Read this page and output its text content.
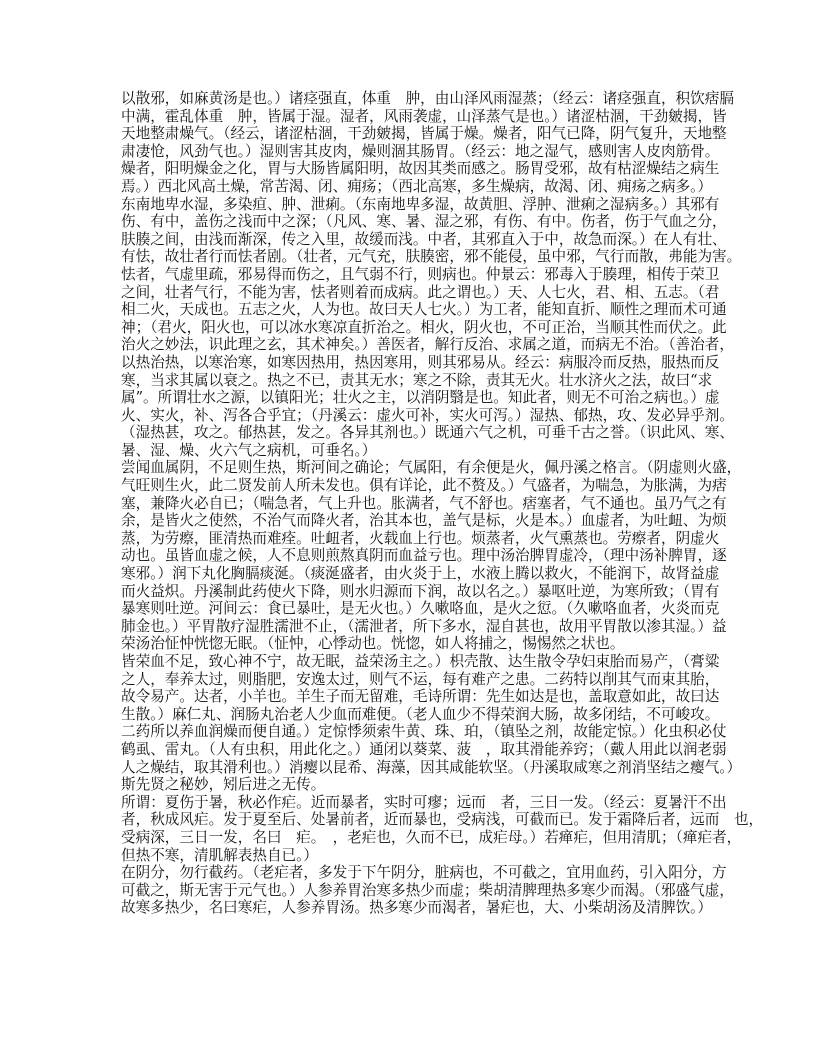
以散邪，如麻黄汤是也。）诸痉强直，体重　肿，由山泽风雨湿蒸；（经云：诸痉强直，积饮痞膈
中满，霍乱体重　肿，皆属于湿。湿者，风雨袭虚，山泽蒸气是也。）诸涩枯涸，干劲皴揭，皆
天地整肃燥气。（经云，诸涩枯涸，干劲皴揭，皆属于燥。燥者，阳气已降，阴气复升，天地整
肃凄怆，风劲气也。）湿则害其皮肉，燥则涸其肠胃。（经云：地之湿气，感则害人皮肉筋骨。
燥者，阳明燥金之化，胃与大肠皆属阳明，故因其类而感之。肠胃受邪，故有枯涩燥结之病生
焉。）西北风高土燥，常苦渴、闭、痈疡；（西北高寒，多生燥病，故渴、闭、痈疡之病多。）
东南地卑水湿，多染疸、肿、泄痢。（东南地卑多湿，故黄胆、浮肿、泄痢之湿病多。）其邪有
伤、有中，盖伤之浅而中之深；（凡风、寒、暑、湿之邪，有伤、有中。伤者，伤于气血之分，
肤腠之间，由浅而渐深，传之入里，故缓而浅。中者，其邪直入于中，故急而深。）在人有壮、
有怯，故壮者行而怯者剧。（壮者，元气充，肤腠密，邪不能侵，虽中邪，气行而散，弗能为害。
怯者，气虚里疏，邪易得而伤之，且气弱不行，则病也。仲景云：邪毒入于腠理，相传于荣卫
之间，壮者气行，不能为害，怯者则着而成病。此之谓也。）天、人七火，君、相、五志。（君
相二火，天成也。五志之火，人为也。故曰天人七火。）为工者，能知直折、顺性之理而术可通
神；（君火，阳火也，可以冰水寒凉直折治之。相火，阴火也，不可正治，当顺其性而伏之。此
治火之妙法，识此理之玄，其术神矣。）善医者，解行反治、求属之道，而病无不治。（善治者，
以热治热，以寒治寒，如寒因热用，热因寒用，则其邪易从。经云：病服冷而反热，服热而反
寒，当求其属以衰之。热之不已，责其无水；寒之不除，责其无火。壮水济火之法，故曰“求
属”。所谓壮水之源，以镇阳光；壮火之主，以消阴翳是也。知此者，则无不可治之病也。）虚
火、实火，补、泻各合乎宜；（丹溪云：虚火可补，实火可泻。）湿热、郁热，攻、发必异乎剂。
（湿热甚，攻之。郁热甚，发之。各异其剂也。）既通六气之机，可垂千古之誉。（识此风、寒、
暑、湿、燥、火六气之病机，可垂名。）
尝闻血属阴，不足则生热，斯河间之确论；气属阳，有余便是火，佩丹溪之格言。（阴虚则火盛，
气旺则生火，此二贤发前人所未发也。俱有详论，此不赘及。）气盛者，为喘急，为胀满，为痞
塞，兼降火必自已；（喘急者，气上升也。胀满者，气不舒也。痞塞者，气不通也。虽乃气之有
余，是皆火之使然，不治气而降火者，治其本也，盖气是标，火是本。）血虚者，为吐衄、为烦
蒸，为劳瘵，匪清热而难痊。吐衄者，火载血上行也。烦蒸者，火气熏蒸也。劳瘵者，阴虚火
动也。虽皆血虚之候，人不息则煎熬真阴而血益亏也。理中汤治脾胃虚冷，（理中汤补脾胃，逐
寒邪。）润下丸化胸膈痰涎。（痰涎盛者，由火炎于上，水液上腾以救火，不能润下，故肾益虚
而火益炽。丹溪制此药使火下降，则水归源而下润，故以名之。）暴呕吐逆，为寒所致；（胃有
暴寒则吐逆。河间云：食已暴吐，是无火也。）久嗽咯血，是火之愆。（久嗽咯血者，火炎而克
肺金也。）平胃散疗湿胜濡泄不止，（濡泄者，所下多水，湿自甚也，故用平胃散以渗其湿。）益
荣汤治怔忡恍惚无眠。（怔忡，心悸动也。恍惚，如人将捕之，惕惕然之状也。
皆荣血不足，致心神不宁，故无眠，益荣汤主之。）枳壳散、达生散令孕妇束胎而易产，（膏粱
之人，奉养太过，则脂肥，安逸太过，则气不运，每有难产之患。二药特以削其气而束其胎，
故令易产。达者，小羊也。羊生子而无留难，毛诗所谓：先生如达是也，盖取意如此，故曰达
生散。）麻仁丸、润肠丸治老人少血而难便。（老人血少不得荣润大肠，故多闭结，不可峻攻。
二药所以养血润燥而便自通。）定惊悸须索牛黄、珠、珀，（镇坠之剂，故能定惊。）化虫积必仗
鹤虱、雷丸。（人有虫积，用此化之。）通闭以葵菜、菠　，取其滑能养窍；（戴人用此以润老弱
人之燥结，取其滑利也。）消瘿以昆希、海藻，因其咸能软坚。（丹溪取咸寒之剂消坚结之瘿气。）
斯先贤之秘妙，矧后进之无传。
所谓：夏伤于暑，秋必作疟。近而暴者，实时可瘳；远而　者，三日一发。（经云：夏暑汗不出
者，秋成风疟。发于夏至后、处暑前者，近而暴也，受病浅，可截而已。发于霜降后者，远而　也，
受病深，三日一发，名曰　疟。　，老疟也，久而不已，成疟母。）若瘅疟，但用清肌；（瘅疟者，
但热不寒，清肌解表热自已。）
在阴分，勿行截药。（老疟者，多发于下午阴分，脏病也，不可截之，宜用血药，引入阳分，方
可截之，斯无害于元气也。）人参养胃治寒多热少而虚；柴胡清脾理热多寒少而渴。（邪盛气虚，
故寒多热少，名曰寒疟，人参养胃汤。热多寒少而渴者，暑疟也，大、小柴胡汤及清脾饮。）
